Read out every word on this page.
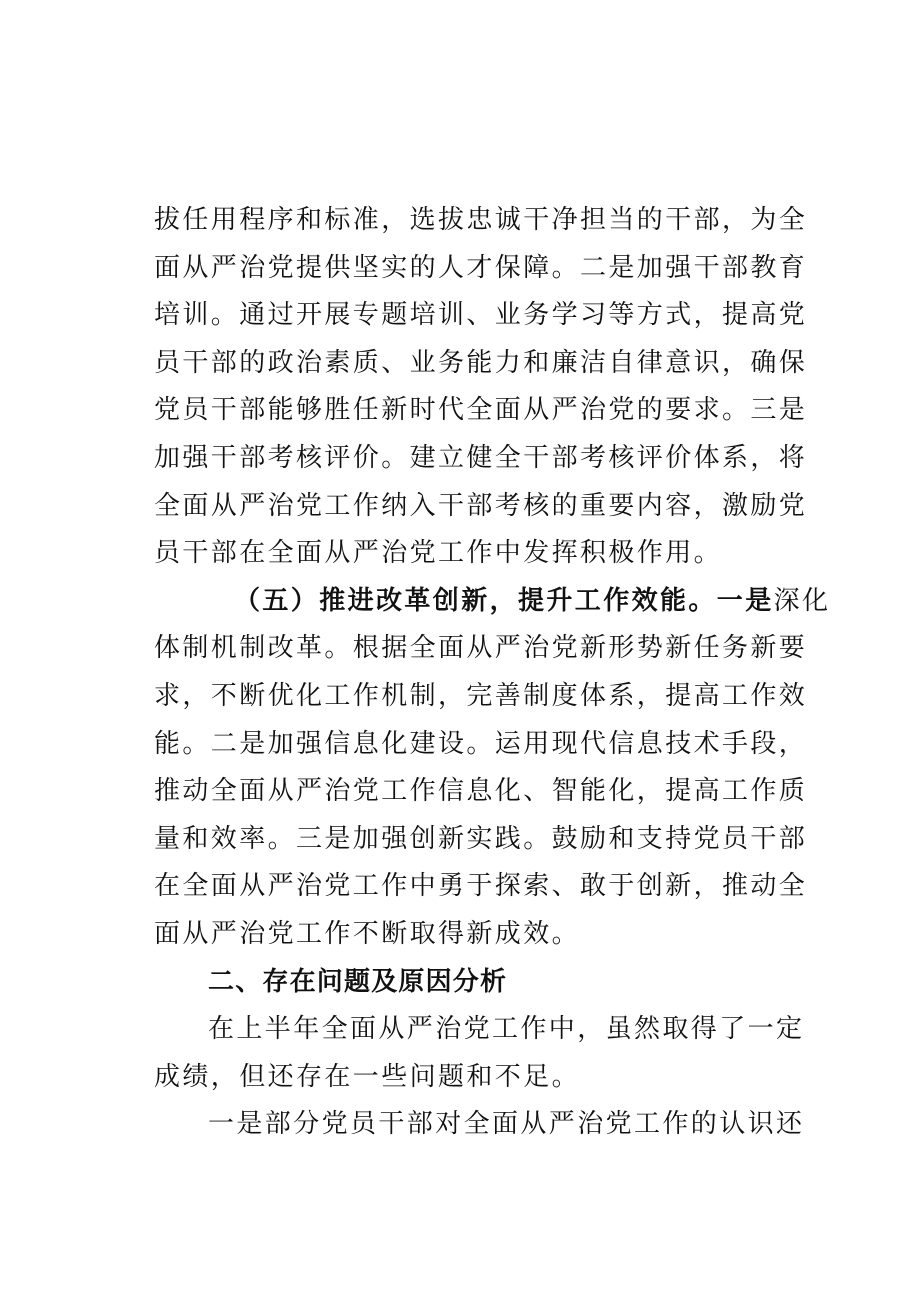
拔任用程序和标准，选拔忠诚干净担当的干部，为全
面从严治党提供坚实的人才保障。二是加强干部教育
培训。通过开展专题培训、业务学习等方式，提高党
员干部的政治素质、业务能力和廉洁自律意识，确保
党员干部能够胜任新时代全面从严治党的要求。三是
加强干部考核评价。建立健全干部考核评价体系，将
全面从严治党工作纳入干部考核的重要内容，激励党
员干部在全面从严治党工作中发挥积极作用。
（五）推进改革创新，提升工作效能。一是深化
体制机制改革。根据全面从严治党新形势新任务新要
求，不断优化工作机制，完善制度体系，提高工作效
能。二是加强信息化建设。运用现代信息技术手段，
推动全面从严治党工作信息化、智能化，提高工作质
量和效率。三是加强创新实践。鼓励和支持党员干部
在全面从严治党工作中勇于探索、敢于创新，推动全
面从严治党工作不断取得新成效。
二、存在问题及原因分析
在上半年全面从严治党工作中，虽然取得了一定
成绩，但还存在一些问题和不足。
一是部分党员干部对全面从严治党工作的认识还
